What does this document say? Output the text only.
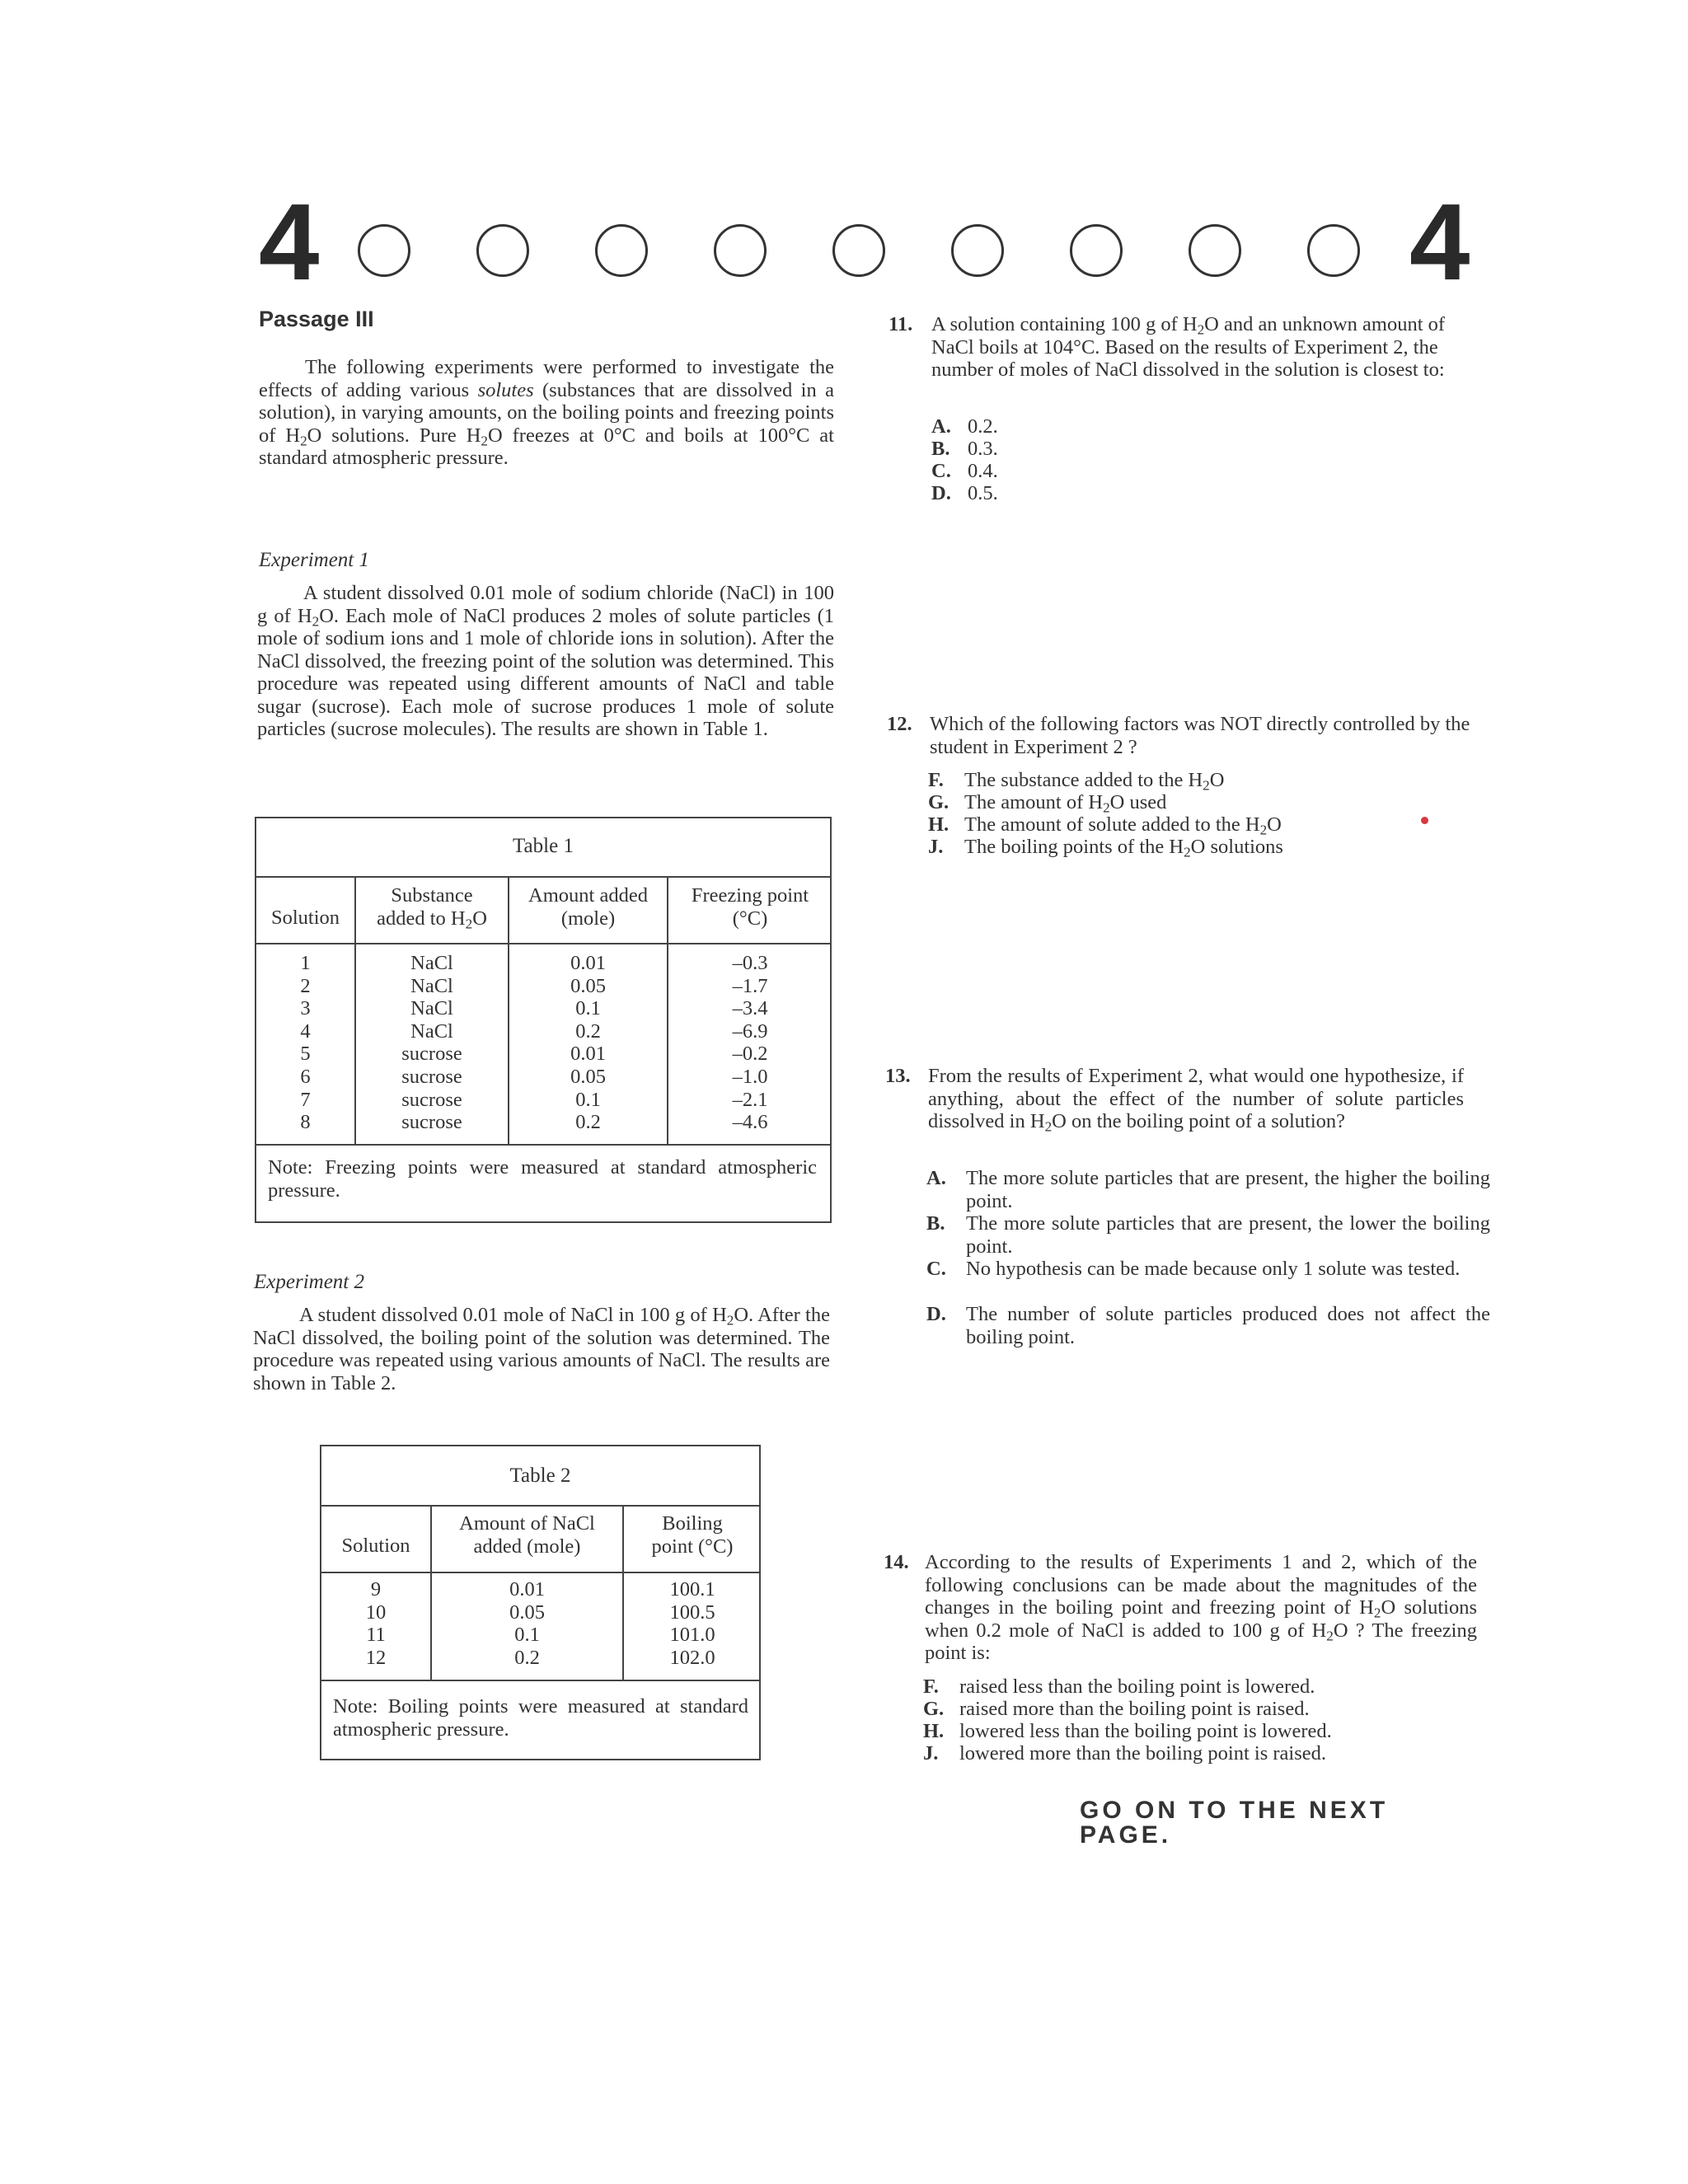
4	4
Passage III
The following experiments were performed to investigate the effects of adding various solutes (substances that are dissolved in a solution), in varying amounts, on the boiling points and freezing points of $H_2O$ solutions. Pure $H_2O$ freezes at 0°C and boils at 100°C at standard atmospheric pressure.
Experiment 1
A student dissolved 0.01 mole of sodium chloride (NaCl) in 100 g of $H_2O$. Each mole of NaCl produces 2 moles of solute particles (1 mole of sodium ions and 1 mole of chloride ions in solution). After the NaCl dissolved, the freezing point of the solution was determined. This procedure was repeated using different amounts of NaCl and table sugar (sucrose). Each mole of sucrose produces 1 mole of solute particles (sucrose molecules). The results are shown in Table 1.
Table 1
Solution
Substance
added to $H_2O$
Amount added
(mole)
Freezing point
(°C)
1
2
3
4
5
6
7
8
NaCl
NaCl
NaCl
NaCl
sucrose
sucrose
sucrose
sucrose
0.01
0.05
0.1
0.2
0.01
0.05
0.1
0.2
–0.3
–1.7
–3.4
–6.9
–0.2
–1.0
–2.1
–4.6
Note: Freezing points were measured at standard atmospheric pressure.
Experiment 2
A student dissolved 0.01 mole of NaCl in 100 g of $H_2O$. After the NaCl dissolved, the boiling point of the solution was determined. The procedure was repeated using various amounts of NaCl. The results are shown in Table 2.
Table 2
Solution
Amount of NaCl
added (mole)
Boiling
point (°C)
9
10
11
12
0.01
0.05
0.1
0.2
100.1
100.5
101.0
102.0
Note: Boiling points were measured at standard atmospheric pressure.
11. A solution containing 100 g of $H_2O$ and an unknown amount of NaCl boils at 104°C. Based on the results of Experiment 2, the number of moles of NaCl dissolved in the solution is closest to:
A. 0.2.
B. 0.3.
C. 0.4.
D. 0.5.
12. Which of the following factors was NOT directly controlled by the student in Experiment 2 ?
F. The substance added to the $H_2O$
G. The amount of $H_2O$ used
H. The amount of solute added to the $H_2O$
J. The boiling points of the $H_2O$ solutions
13. From the results of Experiment 2, what would one hypothesize, if anything, about the effect of the number of solute particles dissolved in $H_2O$ on the boiling point of a solution?
A. The more solute particles that are present, the higher the boiling point.
B. The more solute particles that are present, the lower the boiling point.
C. No hypothesis can be made because only 1 solute was tested.
D. The number of solute particles produced does not affect the boiling point.
14. According to the results of Experiments 1 and 2, which of the following conclusions can be made about the magnitudes of the changes in the boiling point and freezing point of $H_2O$ solutions when 0.2 mole of NaCl is added to 100 g of $H_2O$ ? The freezing point is:
F. raised less than the boiling point is lowered.
G. raised more than the boiling point is raised.
H. lowered less than the boiling point is lowered.
J. lowered more than the boiling point is raised.
GO ON TO THE NEXT PAGE.
